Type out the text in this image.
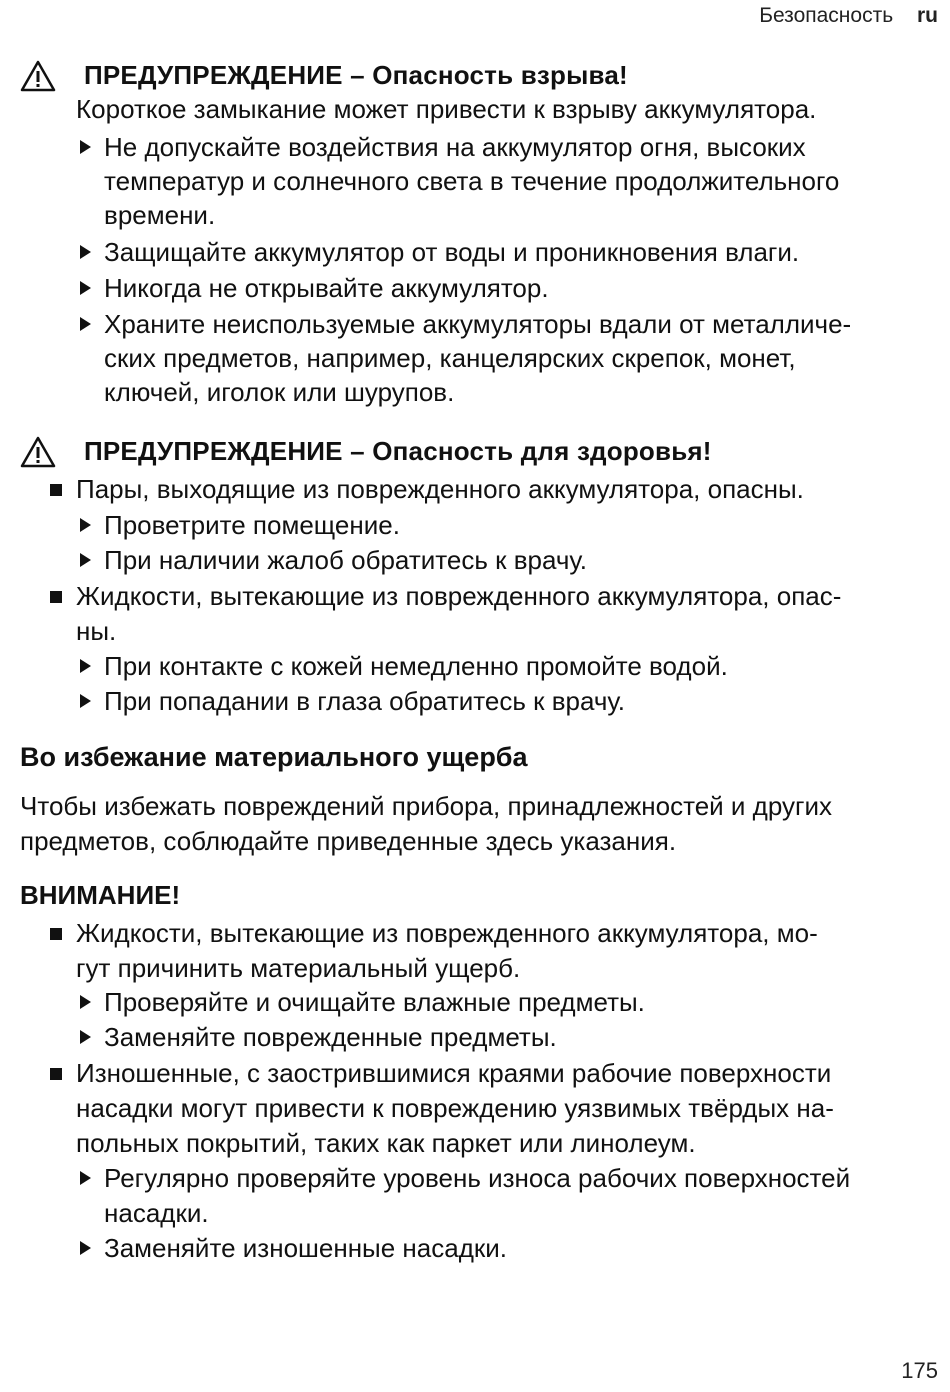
Безопасность ru
ПРЕДУПРЕЖДЕНИЕ – Опасность взрыва!
Короткое замыкание может привести к взрыву аккумулятора.
Не допускайте воздействия на аккумулятор огня, высоких
температур и солнечного света в течение продолжительного
времени.
Защищайте аккумулятор от воды и проникновения влаги.
Никогда не открывайте аккумулятор.
Храните неиспользуемые аккумуляторы вдали от металличе-
ских предметов, например, канцелярских скрепок, монет,
ключей, иголок или шурупов.
ПРЕДУПРЕЖДЕНИЕ – Опасность для здоровья!
Пары, выходящие из поврежденного аккумулятора, опасны.
Проветрите помещение.
При наличии жалоб обратитесь к врачу.
Жидкости, вытекающие из поврежденного аккумулятора, опас-
ны.
При контакте с кожей немедленно промойте водой.
При попадании в глаза обратитесь к врачу.
Во избежание материального ущерба
Чтобы избежать повреждений прибора, принадлежностей и других
предметов, соблюдайте приведенные здесь указания.
ВНИМАНИЕ!
Жидкости, вытекающие из поврежденного аккумулятора, мо-
гут причинить материальный ущерб.
Проверяйте и очищайте влажные предметы.
Заменяйте поврежденные предметы.
Изношенные, с заострившимися краями рабочие поверхности
насадки могут привести к повреждению уязвимых твёрдых на-
польных покрытий, таких как паркет или линолеум.
Регулярно проверяйте уровень износа рабочих поверхностей
насадки.
Заменяйте изношенные насадки.
175
